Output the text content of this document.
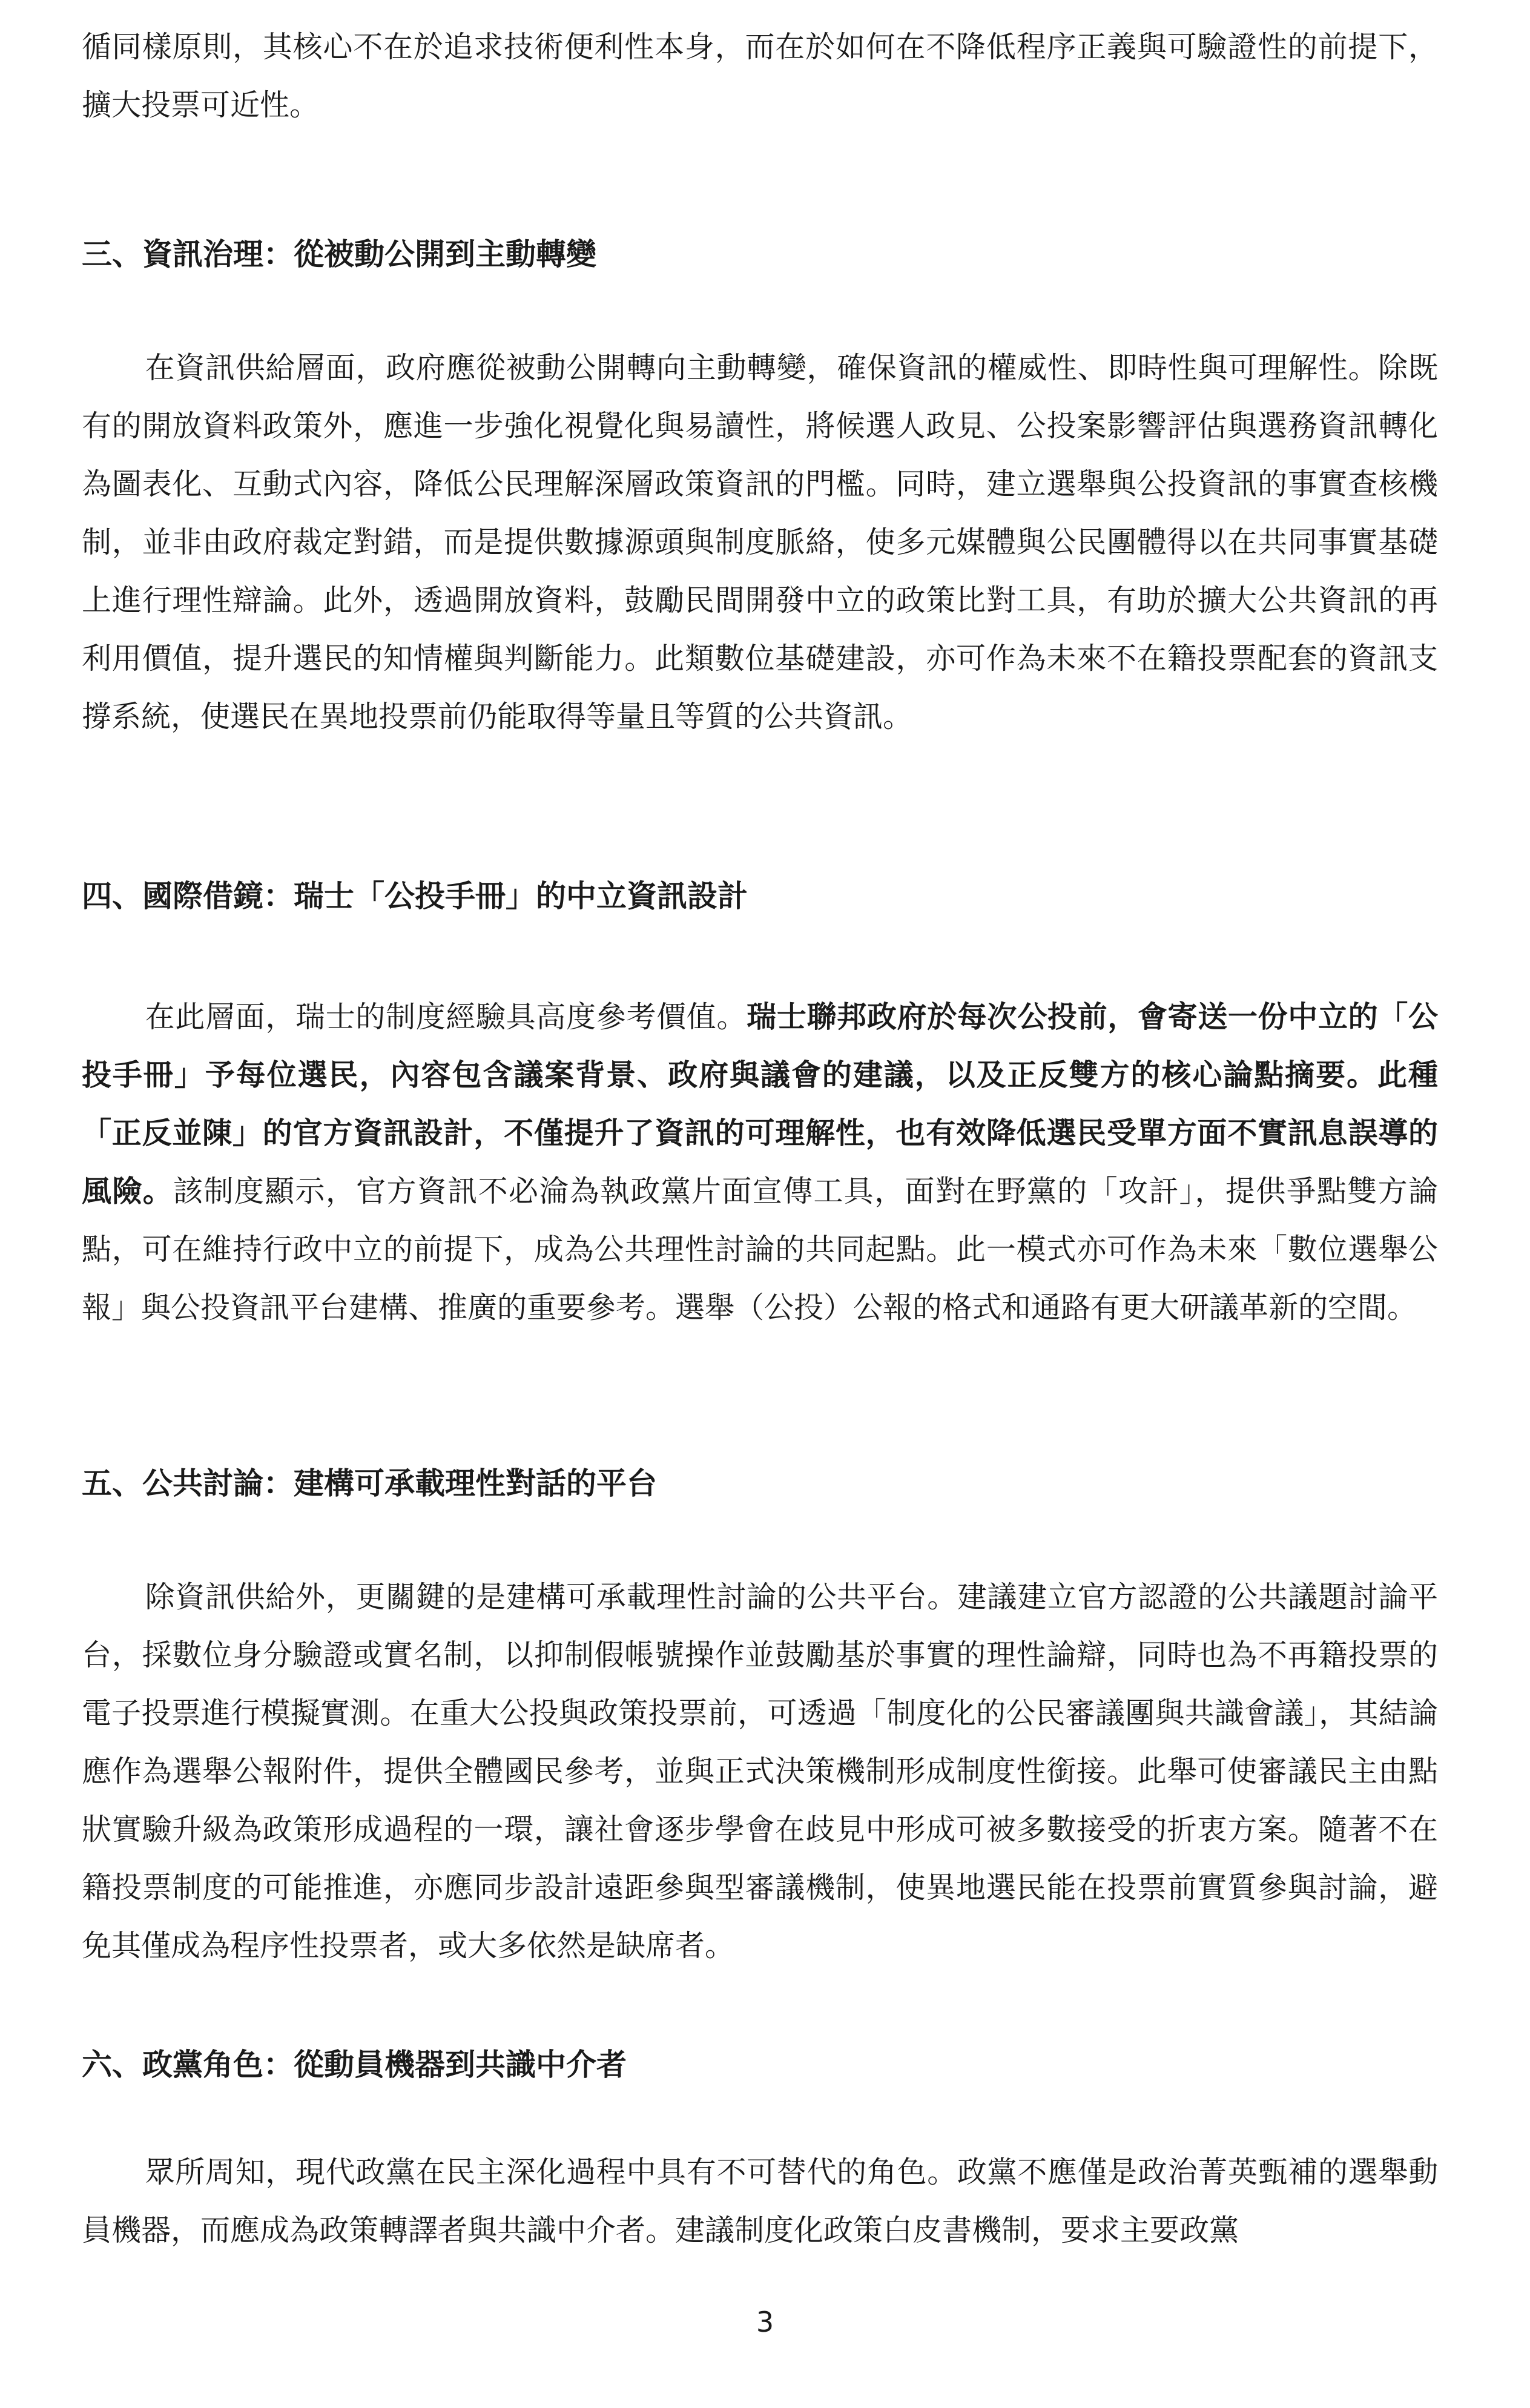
循同樣原則，其核心不在於追求技術便利性本身，而在於如何在不降低程序正義與可驗證性的前提下，擴大投票可近性。

三、資訊治理：從被動公開到主動轉變

在資訊供給層面，政府應從被動公開轉向主動轉變，確保資訊的權威性、即時性與可理解性。除既有的開放資料政策外，應進一步強化視覺化與易讀性，將候選人政見、公投案影響評估與選務資訊轉化為圖表化、互動式內容，降低公民理解深層政策資訊的門檻。同時，建立選舉與公投資訊的事實查核機制，並非由政府裁定對錯，而是提供數據源頭與制度脈絡，使多元媒體與公民團體得以在共同事實基礎上進行理性辯論。此外，透過開放資料，鼓勵民間開發中立的政策比對工具，有助於擴大公共資訊的再利用價值，提升選民的知情權與判斷能力。此類數位基礎建設，亦可作為未來不在籍投票配套的資訊支撐系統，使選民在異地投票前仍能取得等量且等質的公共資訊。

四、國際借鏡：瑞士「公投手冊」的中立資訊設計

在此層面，瑞士的制度經驗具高度參考價值。瑞士聯邦政府於每次公投前，會寄送一份中立的「公投手冊」予每位選民，內容包含議案背景、政府與議會的建議，以及正反雙方的核心論點摘要。此種「正反並陳」的官方資訊設計，不僅提升了資訊的可理解性，也有效降低選民受單方面不實訊息誤導的風險。該制度顯示，官方資訊不必淪為執政黨片面宣傳工具，面對在野黨的「攻訐」，提供爭點雙方論點，可在維持行政中立的前提下，成為公共理性討論的共同起點。此一模式亦可作為未來「數位選舉公報」與公投資訊平台建構、推廣的重要參考。選舉（公投）公報的格式和通路有更大研議革新的空間。

五、公共討論：建構可承載理性對話的平台

除資訊供給外，更關鍵的是建構可承載理性討論的公共平台。建議建立官方認證的公共議題討論平台，採數位身分驗證或實名制，以抑制假帳號操作並鼓勵基於事實的理性論辯，同時也為不再籍投票的電子投票進行模擬實測。在重大公投與政策投票前，可透過「制度化的公民審議團與共識會議」，其結論應作為選舉公報附件，提供全體國民參考，並與正式決策機制形成制度性銜接。此舉可使審議民主由點狀實驗升級為政策形成過程的一環，讓社會逐步學會在歧見中形成可被多數接受的折衷方案。隨著不在籍投票制度的可能推進，亦應同步設計遠距參與型審議機制，使異地選民能在投票前實質參與討論，避免其僅成為程序性投票者，或大多依然是缺席者。

六、政黨角色：從動員機器到共識中介者

眾所周知，現代政黨在民主深化過程中具有不可替代的角色。政黨不應僅是政治菁英甄補的選舉動員機器，而應成為政策轉譯者與共識中介者。建議制度化政策白皮書機制，要求主要政黨

3
